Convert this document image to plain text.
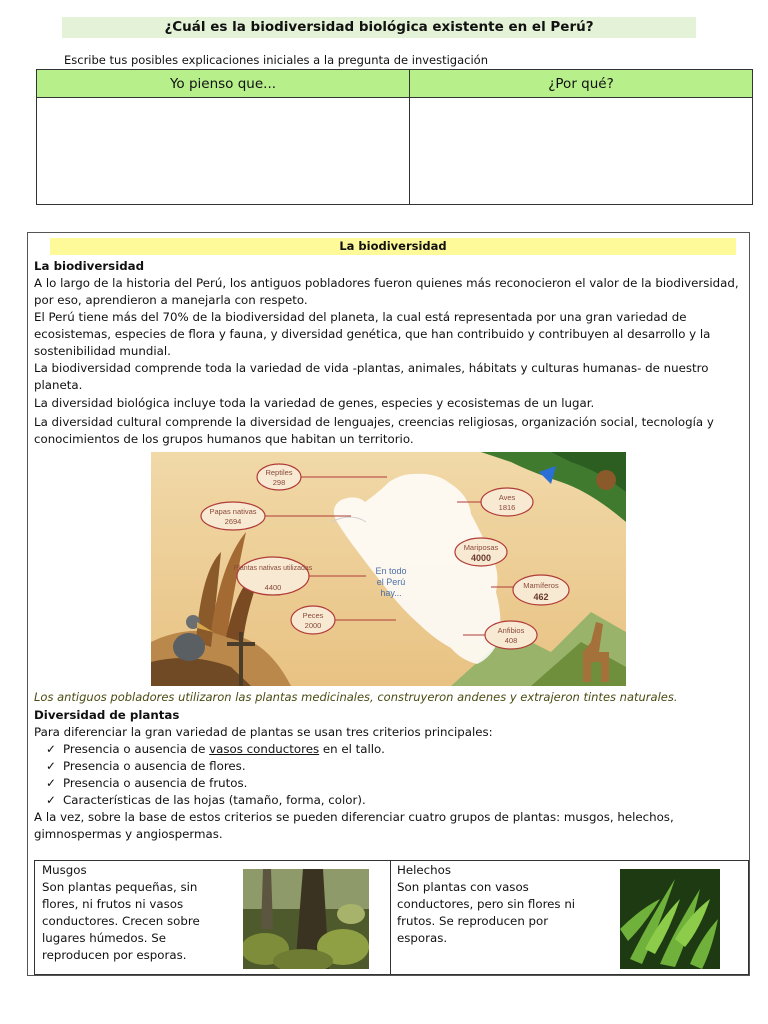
¿Cuál es la biodiversidad biológica existente en el Perú?
Escribe tus posibles explicaciones iniciales a la pregunta de investigación
Yo pienso que...	¿Por qué?
La biodiversidad
La biodiversidad
A lo largo de la historia del Perú, los antiguos pobladores fueron quienes más reconocieron el valor de la biodiversidad, por eso, aprendieron a manejarla con respeto.
El Perú tiene más del 70% de la biodiversidad del planeta, la cual está representada por una gran variedad de ecosistemas, especies de flora y fauna, y diversidad genética, que han contribuido y contribuyen al desarrollo y la sostenibilidad mundial.
La biodiversidad comprende toda la variedad de vida -plantas, animales, hábitats y culturas humanas- de nuestro planeta.
La diversidad biológica incluye toda la variedad de genes, especies y ecosistemas de un lugar.
La diversidad cultural comprende la diversidad de lenguajes, creencias religiosas, organización social, tecnología y conocimientos de los grupos humanos que habitan un territorio.
En todo
el Perú
hay...
Reptiles
298
Papas nativas
2694
Plantas nativas utilizadas
4400
Peces
2000
Aves
1816
Mariposas
4000
Mamíferos
462
Anfibios
408
Los antiguos pobladores utilizaron las plantas medicinales, construyeron andenes y extrajeron tintes naturales.
Diversidad de plantas
Para diferenciar la gran variedad de plantas se usan tres criterios principales:
✓ Presencia o ausencia de vasos conductores en el tallo.
✓ Presencia o ausencia de flores.
✓ Presencia o ausencia de frutos.
✓ Características de las hojas (tamaño, forma, color).
A la vez, sobre la base de estos criterios se pueden diferenciar cuatro grupos de plantas: musgos, helechos, gimnospermas y angiospermas.
Musgos
Son plantas pequeñas, sin flores, ni frutos ni vasos conductores. Crecen sobre lugares húmedos. Se reproducen por esporas.
Helechos
Son plantas con vasos conductores, pero sin flores ni frutos. Se reproducen por esporas.
